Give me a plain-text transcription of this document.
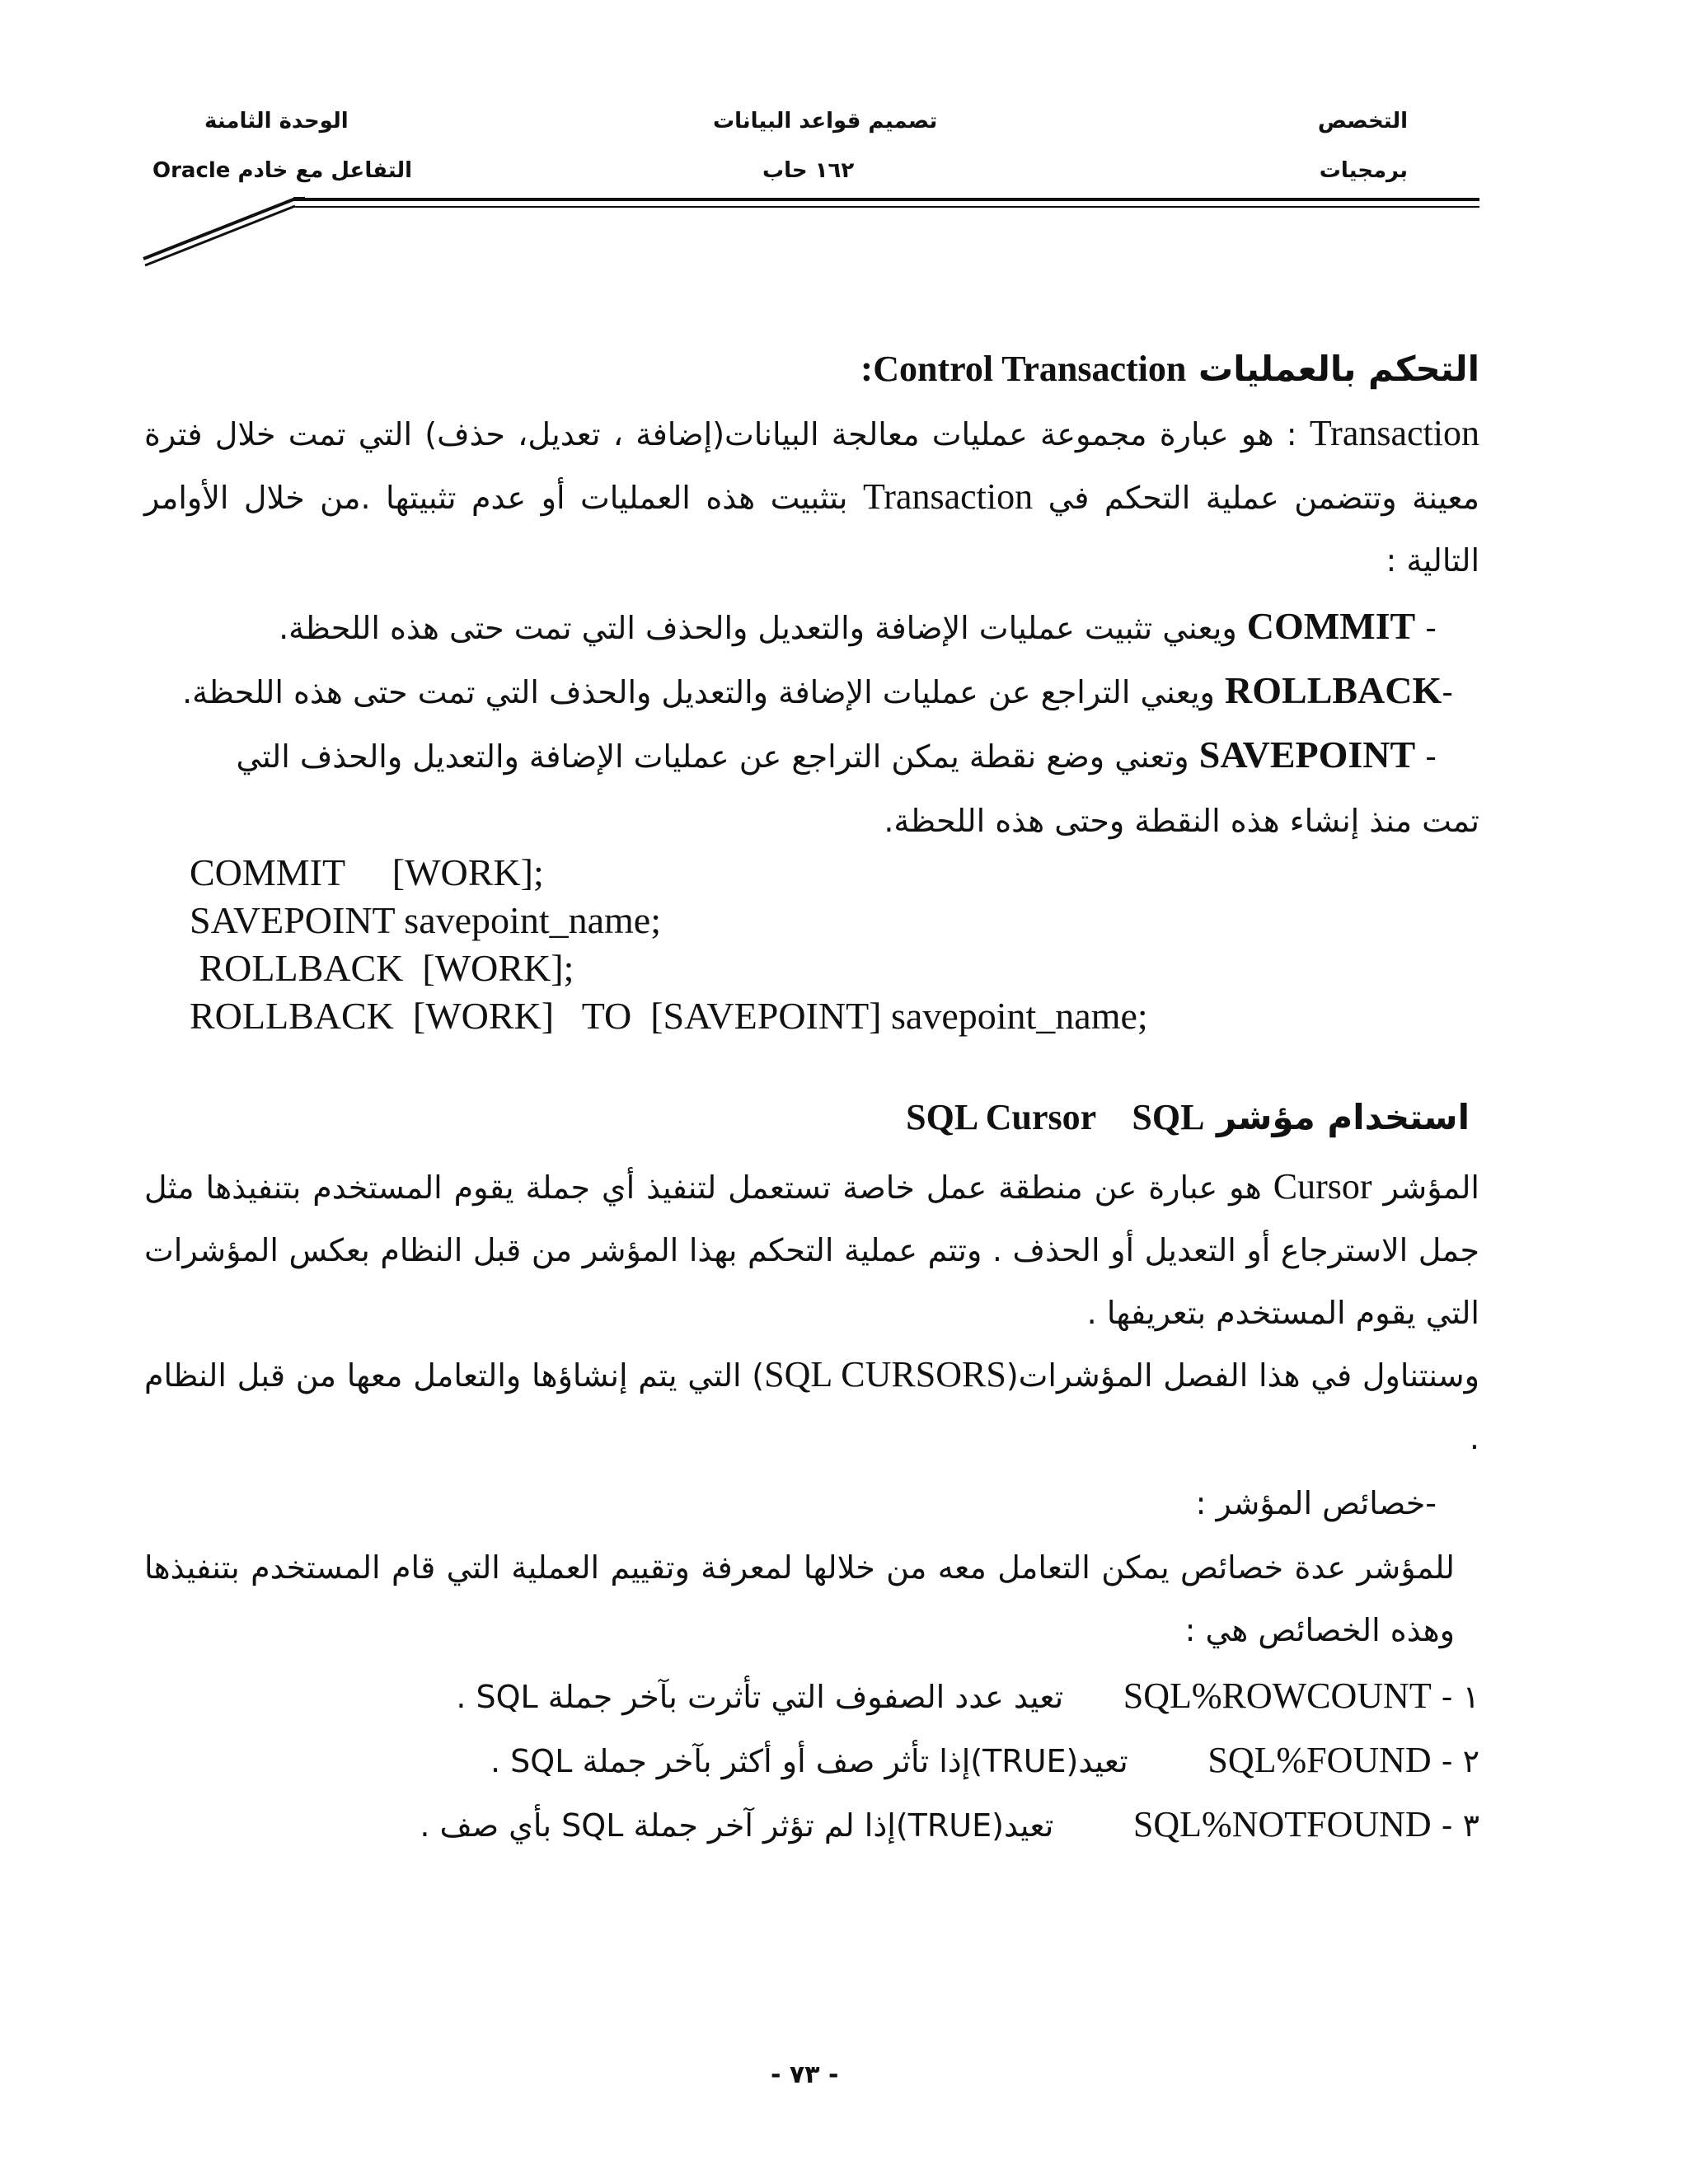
التخصص
برمجيات
تصميم قواعد البيانات
١٦٢ حاب
الوحدة الثامنة
التفاعل مع خادم Oracle
التحكم بالعمليات Control Transaction:
Transaction : هو عبارة مجموعة عمليات معالجة البيانات(إضافة ، تعديل، حذف) التي تمت خلال فترة معينة وتتضمن عملية التحكم في Transaction بتثبيت هذه العمليات أو عدم تثبيتها .من خلال الأوامر التالية :
- COMMIT ويعني تثبيت عمليات الإضافة والتعديل والحذف التي تمت حتى هذه اللحظة.
-ROLLBACK ويعني التراجع عن عمليات الإضافة والتعديل والحذف التي تمت حتى هذه اللحظة.
- SAVEPOINT وتعني وضع نقطة يمكن التراجع عن عمليات الإضافة والتعديل والحذف التي
تمت منذ إنشاء هذه النقطة وحتى هذه اللحظة.
COMMIT     [WORK];
SAVEPOINT savepoint_name;
ROLLBACK  [WORK];
ROLLBACK  [WORK]   TO  [SAVEPOINT] savepoint_name;
استخدام مؤشر SQL Cursor    SQL
المؤشر Cursor هو عبارة عن منطقة عمل خاصة تستعمل لتنفيذ أي جملة يقوم المستخدم بتنفيذها مثل جمل الاسترجاع أو التعديل أو الحذف . وتتم عملية التحكم بهذا المؤشر من قبل النظام بعكس المؤشرات التي يقوم المستخدم بتعريفها .
وسنتناول في هذا الفصل المؤشرات(SQL CURSORS) التي يتم إنشاؤها والتعامل معها من قبل النظام .
-خصائص المؤشر :
للمؤشر عدة خصائص يمكن التعامل معه من خلالها لمعرفة وتقييم العملية التي قام المستخدم بتنفيذها وهذه الخصائص هي :
١ - SQL%ROWCOUNT      تعيد عدد الصفوف التي تأثرت بآخر جملة SQL .
٢ - SQL%FOUND        تعيد(TRUE)إذا تأثر صف أو أكثر بآخر جملة SQL .
٣ - SQL%NOTFOUND        تعيد(TRUE)إذا لم تؤثر آخر جملة SQL بأي صف .
- ٧٣ -
